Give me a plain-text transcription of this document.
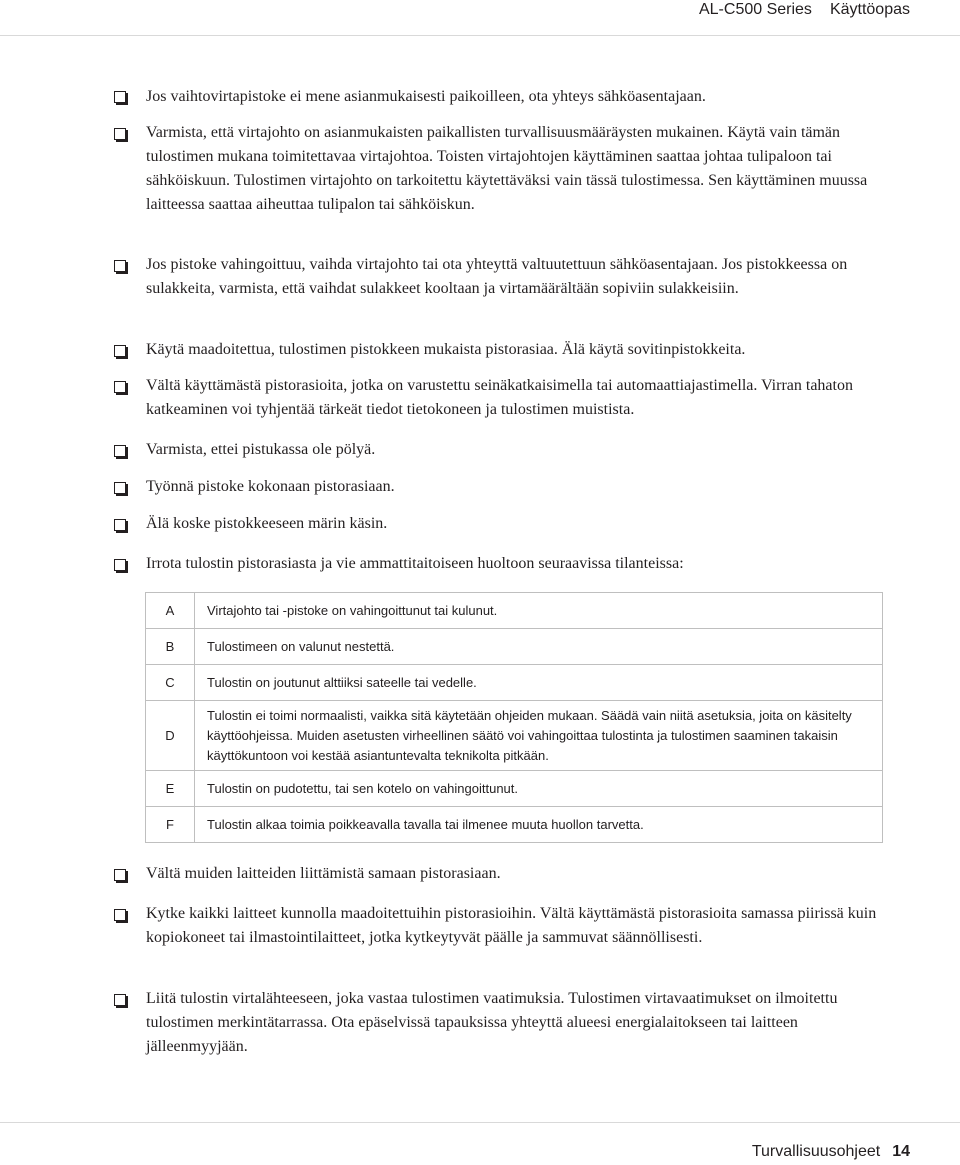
AL-C500 Series Käyttöopas
Jos vaihtovirtapistoke ei mene asianmukaisesti paikoilleen, ota yhteys sähköasentajaan.
Varmista, että virtajohto on asianmukaisten paikallisten turvallisuusmääräysten mukainen. Käytä vain tämän tulostimen mukana toimitettavaa virtajohtoa. Toisten virtajohtojen käyttäminen saattaa johtaa tulipaloon tai sähköiskuun. Tulostimen virtajohto on tarkoitettu käytettäväksi vain tässä tulostimessa. Sen käyttäminen muussa laitteessa saattaa aiheuttaa tulipalon tai sähköiskun.
Jos pistoke vahingoittuu, vaihda virtajohto tai ota yhteyttä valtuutettuun sähköasentajaan. Jos pistokkeessa on sulakkeita, varmista, että vaihdat sulakkeet kooltaan ja virtamäärältään sopiviin sulakkeisiin.
Käytä maadoitettua, tulostimen pistokkeen mukaista pistorasiaa. Älä käytä sovitinpistokkeita.
Vältä käyttämästä pistorasioita, jotka on varustettu seinäkatkaisimella tai automaattiajastimella. Virran tahaton katkeaminen voi tyhjentää tärkeät tiedot tietokoneen ja tulostimen muistista.
Varmista, ettei pistukassa ole pölyä.
Työnnä pistoke kokonaan pistorasiaan.
Älä koske pistokkeeseen märin käsin.
Irrota tulostin pistorasiasta ja vie ammattitaitoiseen huoltoon seuraavissa tilanteissa:
A	Virtajohto tai -pistoke on vahingoittunut tai kulunut.
B	Tulostimeen on valunut nestettä.
C	Tulostin on joutunut alttiiksi sateelle tai vedelle.
D	Tulostin ei toimi normaalisti, vaikka sitä käytetään ohjeiden mukaan. Säädä vain niitä asetuksia, joita on käsitelty käyttöohjeissa. Muiden asetusten virheellinen säätö voi vahingoittaa tulostinta ja tulostimen saaminen takaisin käyttökuntoon voi kestää asiantuntevalta teknikolta pitkään.
E	Tulostin on pudotettu, tai sen kotelo on vahingoittunut.
F	Tulostin alkaa toimia poikkeavalla tavalla tai ilmenee muuta huollon tarvetta.
Vältä muiden laitteiden liittämistä samaan pistorasiaan.
Kytke kaikki laitteet kunnolla maadoitettuihin pistorasioihin. Vältä käyttämästä pistorasioita samassa piirissä kuin kopiokoneet tai ilmastointilaitteet, jotka kytkeytyvät päälle ja sammuvat säännöllisesti.
Liitä tulostin virtalähteeseen, joka vastaa tulostimen vaatimuksia. Tulostimen virtavaatimukset on ilmoitettu tulostimen merkintätarrassa. Ota epäselvissä tapauksissa yhteyttä alueesi energialaitokseen tai laitteen jälleenmyyjään.
Turvallisuusohjeet 14
